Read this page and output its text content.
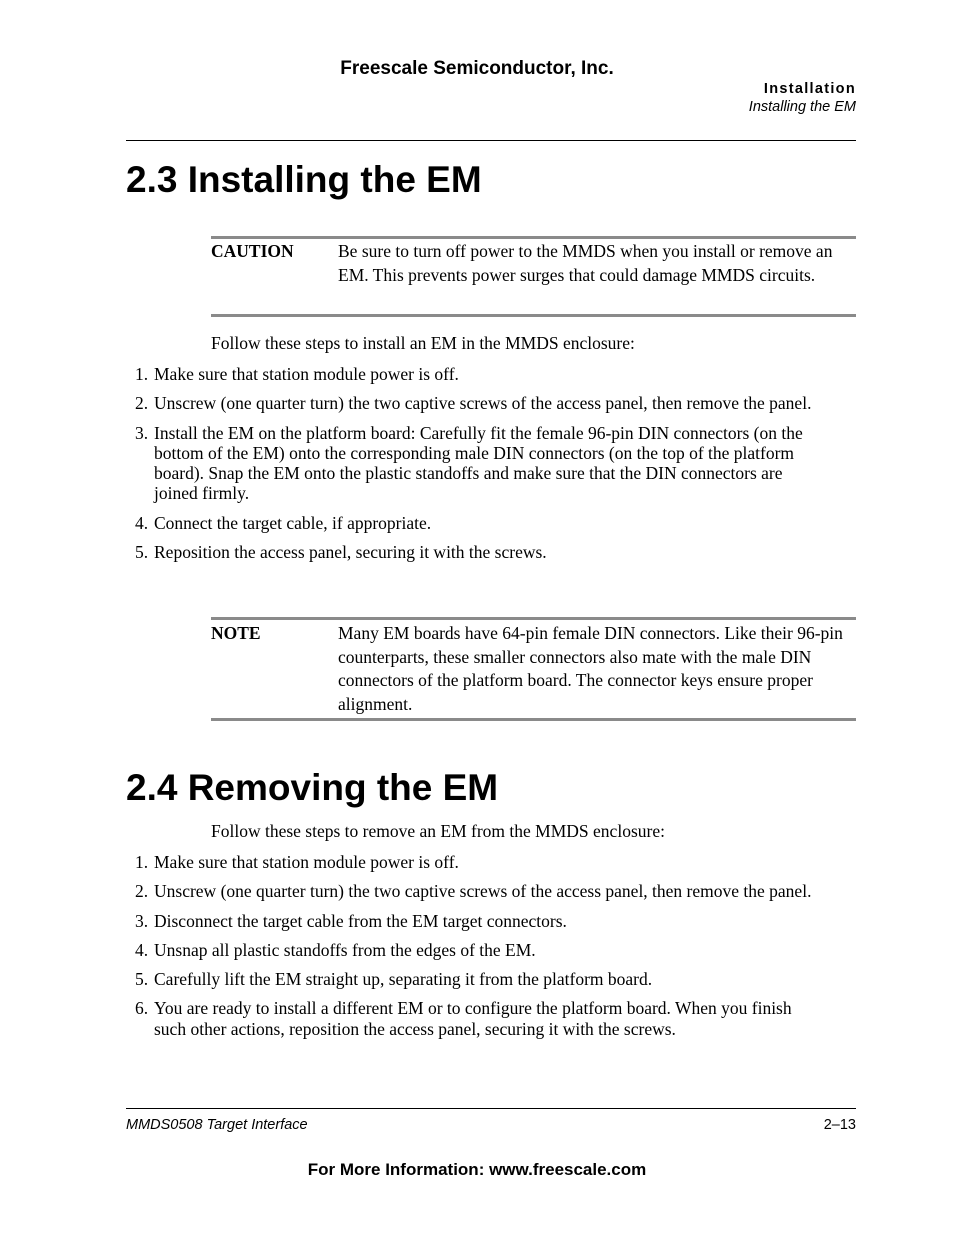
Freescale Semiconductor, Inc.
Installation
Installing the EM
2.3 Installing the EM
CAUTION	Be sure to turn off power to the MMDS when you install or remove an EM. This prevents power surges that could damage MMDS circuits.
Follow these steps to install an EM in the MMDS enclosure:
1. Make sure that station module power is off.
2. Unscrew (one quarter turn) the two captive screws of the access panel, then remove the panel.
3. Install the EM on the platform board: Carefully fit the female 96-pin DIN connectors (on the bottom of the EM) onto the corresponding male DIN connectors (on the top of the platform board). Snap the EM onto the plastic standoffs and make sure that the DIN connectors are joined firmly.
4. Connect the target cable, if appropriate.
5. Reposition the access panel, securing it with the screws.
NOTE	Many EM boards have 64-pin female DIN connectors. Like their 96-pin counterparts, these smaller connectors also mate with the male DIN connectors of the platform board. The connector keys ensure proper alignment.
2.4 Removing the EM
Follow these steps to remove an EM from the MMDS enclosure:
1. Make sure that station module power is off.
2. Unscrew (one quarter turn) the two captive screws of the access panel, then remove the panel.
3. Disconnect the target cable from the EM target connectors.
4. Unsnap all plastic standoffs from the edges of the EM.
5. Carefully lift the EM straight up, separating it from the platform board.
6. You are ready to install a different EM or to configure the platform board. When you finish such other actions, reposition the access panel, securing it with the screws.
MMDS0508 Target Interface	2–13
For More Information: www.freescale.com
